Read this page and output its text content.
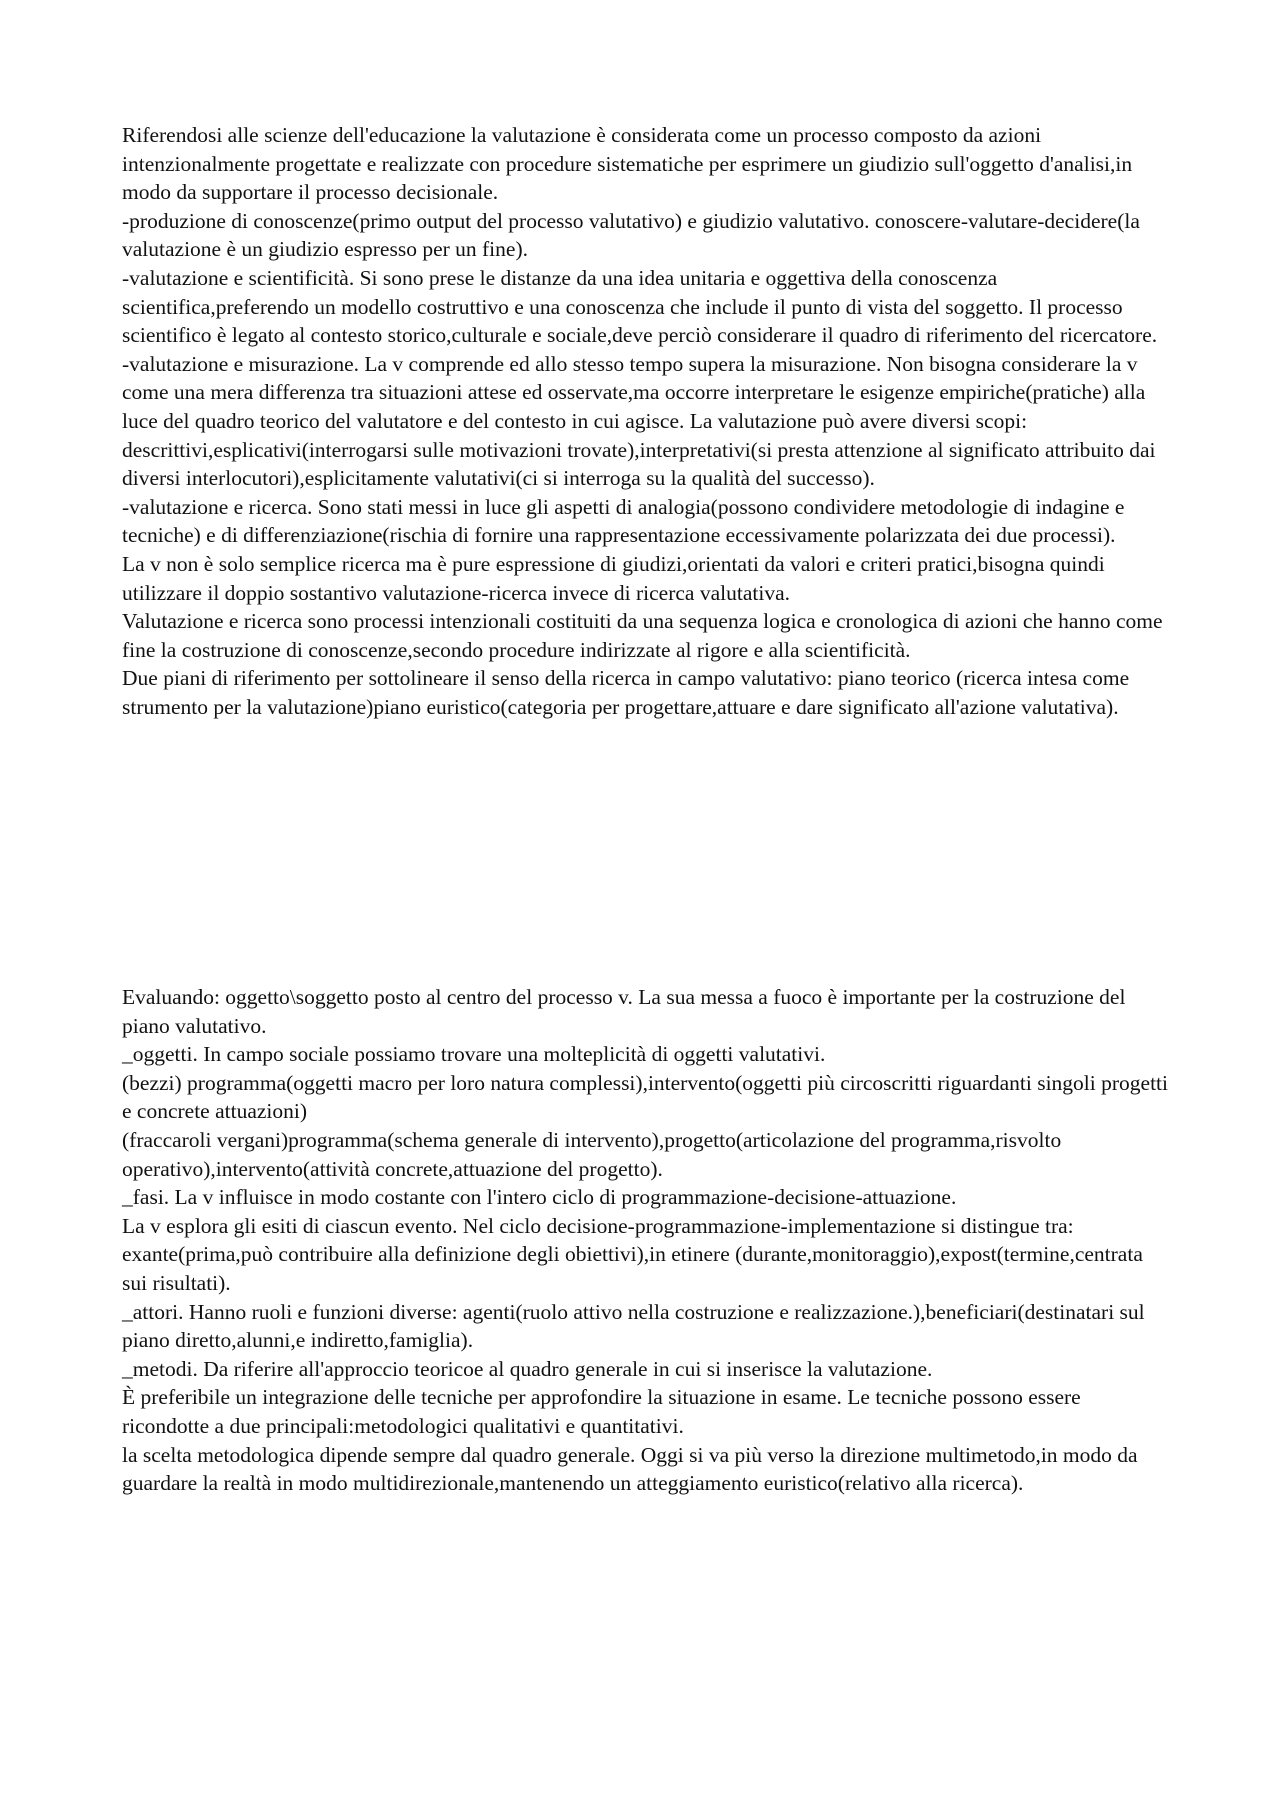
Riferendosi alle scienze dell'educazione la valutazione è considerata come un processo composto da azioni intenzionalmente progettate e realizzate con procedure sistematiche per esprimere un giudizio sull'oggetto d'analisi,in modo da supportare il processo decisionale.

-produzione di conoscenze(primo output del processo valutativo) e giudizio valutativo. conoscere-valutare-decidere(la valutazione è un giudizio espresso per un fine).

-valutazione e scientificità. Si sono prese le distanze da una idea unitaria e oggettiva della conoscenza scientifica,preferendo un modello costruttivo e una conoscenza che include il punto di vista del soggetto. Il processo scientifico è legato al contesto storico,culturale e sociale,deve perciò considerare il quadro di riferimento del ricercatore.

-valutazione e misurazione. La v comprende ed allo stesso tempo supera la misurazione. Non bisogna considerare la v come una mera differenza tra situazioni attese ed osservate,ma occorre interpretare le esigenze empiriche(pratiche) alla luce del quadro teorico del valutatore e del contesto in cui agisce. La valutazione può avere diversi scopi: descrittivi,esplicativi(interrogarsi sulle motivazioni trovate),interpretativi(si presta attenzione al significato attribuito dai diversi interlocutori),esplicitamente valutativi(ci si interroga su la qualità del successo).

-valutazione e ricerca. Sono stati messi in luce gli aspetti di analogia(possono condividere metodologie di indagine e tecniche) e di differenziazione(rischia di fornire una rappresentazione eccessivamente polarizzata dei due processi).

La v non è solo semplice ricerca ma è pure espressione di giudizi,orientati da valori e criteri pratici,bisogna quindi utilizzare il doppio sostantivo valutazione-ricerca invece di ricerca valutativa.

Valutazione e ricerca sono processi intenzionali costituiti da una sequenza logica e cronologica di azioni che hanno come fine la costruzione di conoscenze,secondo procedure indirizzate al rigore e alla scientificità.

Due piani di riferimento per sottolineare il senso della ricerca in campo valutativo: piano teorico (ricerca intesa come strumento per la valutazione)piano euristico(categoria per progettare,attuare e dare significato all'azione valutativa).

Evaluando: oggetto\soggetto posto al centro del processo v. La sua messa a fuoco è importante per la costruzione del piano valutativo.

_oggetti. In campo sociale possiamo trovare una molteplicità di oggetti valutativi.

(bezzi) programma(oggetti macro per loro natura complessi),intervento(oggetti più circoscritti riguardanti singoli progetti e concrete attuazioni)

(fraccaroli vergani)programma(schema generale di intervento),progetto(articolazione del programma,risvolto operativo),intervento(attività concrete,attuazione del progetto).

_fasi. La v influisce in modo costante con l'intero ciclo di programmazione-decisione-attuazione.

La v esplora gli esiti di ciascun evento. Nel ciclo decisione-programmazione-implementazione si distingue tra: exante(prima,può contribuire alla definizione degli obiettivi),in etinere (durante,monitoraggio),expost(termine,centrata sui risultati).

_attori. Hanno ruoli e funzioni diverse: agenti(ruolo attivo nella costruzione e realizzazione.),beneficiari(destinatari sul piano diretto,alunni,e indiretto,famiglia).

_metodi. Da riferire all'approccio teoricoe al quadro generale in cui si inserisce la valutazione.

È preferibile un integrazione delle tecniche per approfondire la situazione in esame. Le tecniche possono essere ricondotte a due principali:metodologici qualitativi e quantitativi.

la scelta metodologica dipende sempre dal quadro generale. Oggi si va più verso la direzione multimetodo,in modo da guardare la realtà in modo multidirezionale,mantenendo un atteggiamento euristico(relativo alla ricerca).
